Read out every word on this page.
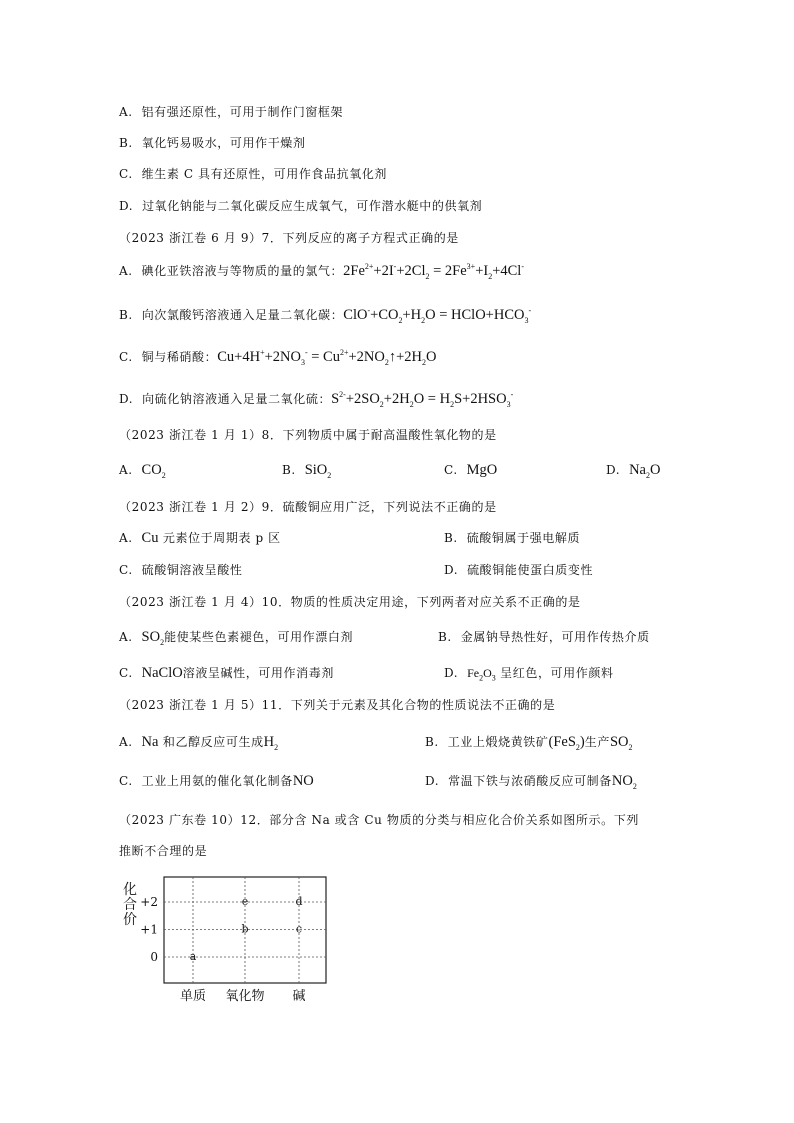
A. 铝有强还原性，可用于制作门窗框架
B. 氧化钙易吸水，可用作干燥剂
C. 维生素 C 具有还原性，可用作食品抗氧化剂
D. 过氧化钠能与二氧化碳反应生成氧气，可作潜水艇中的供氧剂
（2023 浙江卷 6 月 9）7．下列反应的离子方程式正确的是
A. 碘化亚铁溶液与等物质的量的氯气：$2Fe^{2+}+2I^-+2Cl_2 = 2Fe^{3+}+I_2+4Cl^-$
B. 向次氯酸钙溶液通入足量二氧化碳：$ClO^-+CO_2+H_2O$ = $HClO+HCO_3^-$
C. 铜与稀硝酸：$Cu+4H^++2NO_3^-$ = $Cu^{2+}+2NO_2↑+2H_2O$
D. 向硫化钠溶液通入足量二氧化硫：$S^{2-}+2SO_2+2H_2O = H_2S+2HSO_3^-$
（2023 浙江卷 1 月 1）8．下列物质中属于耐高温酸性氧化物的是
A. $CO_2$	B. SiO$_2$	C. MgO	D. $Na_2O$
（2023 浙江卷 1 月 2）9．硫酸铜应用广泛，下列说法不正确的是
A. Cu 元素位于周期表 p 区	B. 硫酸铜属于强电解质
C. 硫酸铜溶液呈酸性	D. 硫酸铜能使蛋白质变性
（2023 浙江卷 1 月 4）10．物质的性质决定用途，下列两者对应关系不正确的是
A. $SO_2$能使某些色素褪色，可用作漂白剂	B. 金属钠导热性好，可用作传热介质
C. NaClO溶液呈碱性，可用作消毒剂	D. $Fe_2O_3$ 呈红色，可用作颜料
（2023 浙江卷 1 月 5）11．下列关于元素及其化合物的性质说法不正确的是
A. Na 和乙醇反应可生成$H_2$	B. 工业上煅烧黄铁矿(FeS$_2$)生产$SO_2$
C. 工业上用氨的催化氧化制备NO	D. 常温下铁与浓硝酸反应可制备$NO_2$
（2023 广东卷 10）12．部分含 Na 或含 Cu 物质的分类与相应化合价关系如图所示。下列
推断不合理的是
+2
+1
0
化
合
价
单质 氧化物 碱
a
b
e
c
d
